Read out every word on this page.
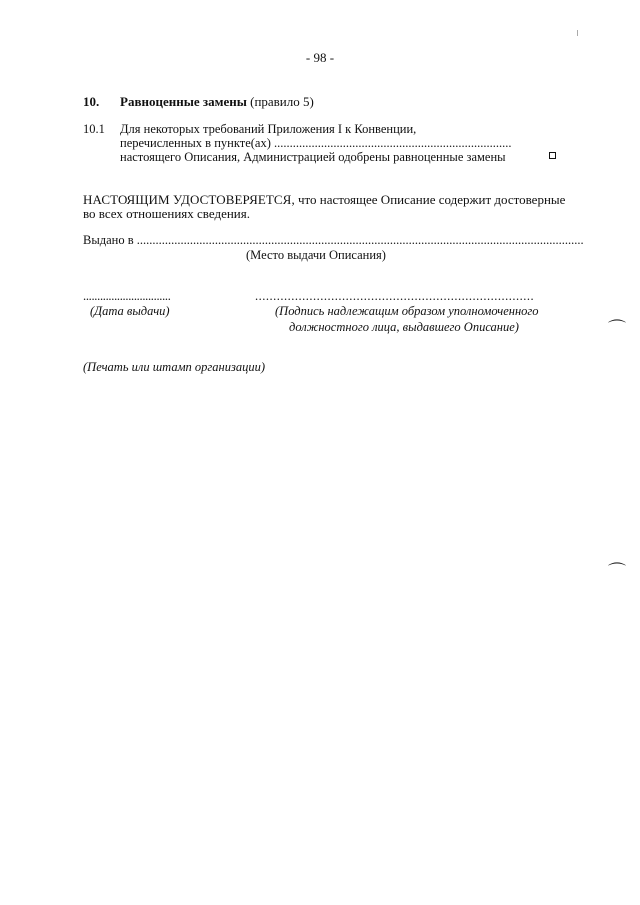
- 98 -
10. Равноценные замены (правило 5)
10.1 Для некоторых требований Приложения I к Конвенции,
перечисленных в пункте(ах) ............................................................................
настоящего Описания, Администрацией одобрены равноценные замены
НАСТОЯЩИМ УДОСТОВЕРЯЕТСЯ, что настоящее Описание содержит достоверные
во всех отношениях сведения.
Выдано в ...............................................................................................................................................
(Место выдачи Описания)
...............................
(Дата выдачи)
.............................................................................
(Подпись надлежащим образом уполномоченного
должностного лица, выдавшего Описание)
(Печать или штамп организации)
⌒
⌒
